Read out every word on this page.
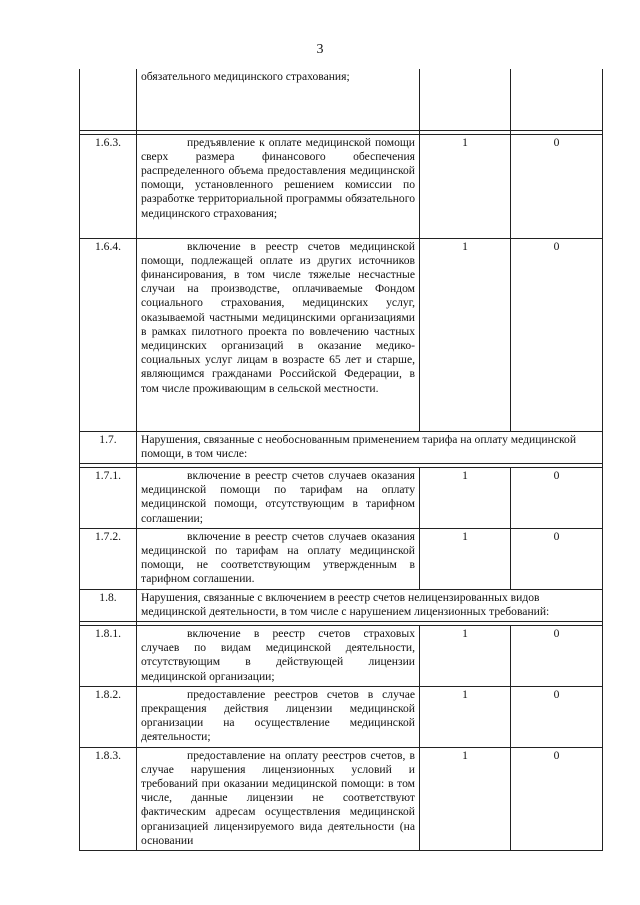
3

	обязательного медицинского страхования;		

1.6.3.	предъявление к оплате медицинской помощи сверх размера финансового обеспечения распределенного объема предоставления медицинской помощи, установленного решением комиссии по разработке территориальной программы обязательного медицинского страхования;	1	0
1.6.4.	включение в реестр счетов медицинской помощи, подлежащей оплате из других источников финансирования, в том числе тяжелые несчастные случаи на производстве, оплачиваемые Фондом социального страхования, медицинских услуг, оказываемой частными медицинскими организациями в рамках пилотного проекта по вовлечению частных медицинских организаций в оказание медико-социальных услуг лицам в возрасте 65 лет и старше, являющимся гражданами Российской Федерации, в том числе проживающим в сельской местности.	1	0
1.7.	Нарушения, связанные с необоснованным применением тарифа на оплату медицинской помощи, в том числе:		

1.7.1.	включение в реестр счетов случаев оказания медицинской помощи по тарифам на оплату медицинской помощи, отсутствующим в тарифном соглашении;	1	0
1.7.2.	включение в реестр счетов случаев оказания медицинской по тарифам на оплату медицинской помощи, не соответствующим утвержденным в тарифном соглашении.	1	0
1.8.	Нарушения, связанные с включением в реестр счетов нелицензированных видов медицинской деятельности, в том числе с нарушением лицензионных требований:		

1.8.1.	включение в реестр счетов страховых случаев по видам медицинской деятельности, отсутствующим в действующей лицензии медицинской организации;	1	0
1.8.2.	предоставление реестров счетов в случае прекращения действия лицензии медицинской организации на осуществление медицинской деятельности;	1	0
1.8.3.	предоставление на оплату реестров счетов, в случае нарушения лицензионных условий и требований при оказании медицинской помощи: в том числе, данные лицензии не соответствуют фактическим адресам осуществления медицинской организацией лицензируемого вида деятельности (на основании	1	0
